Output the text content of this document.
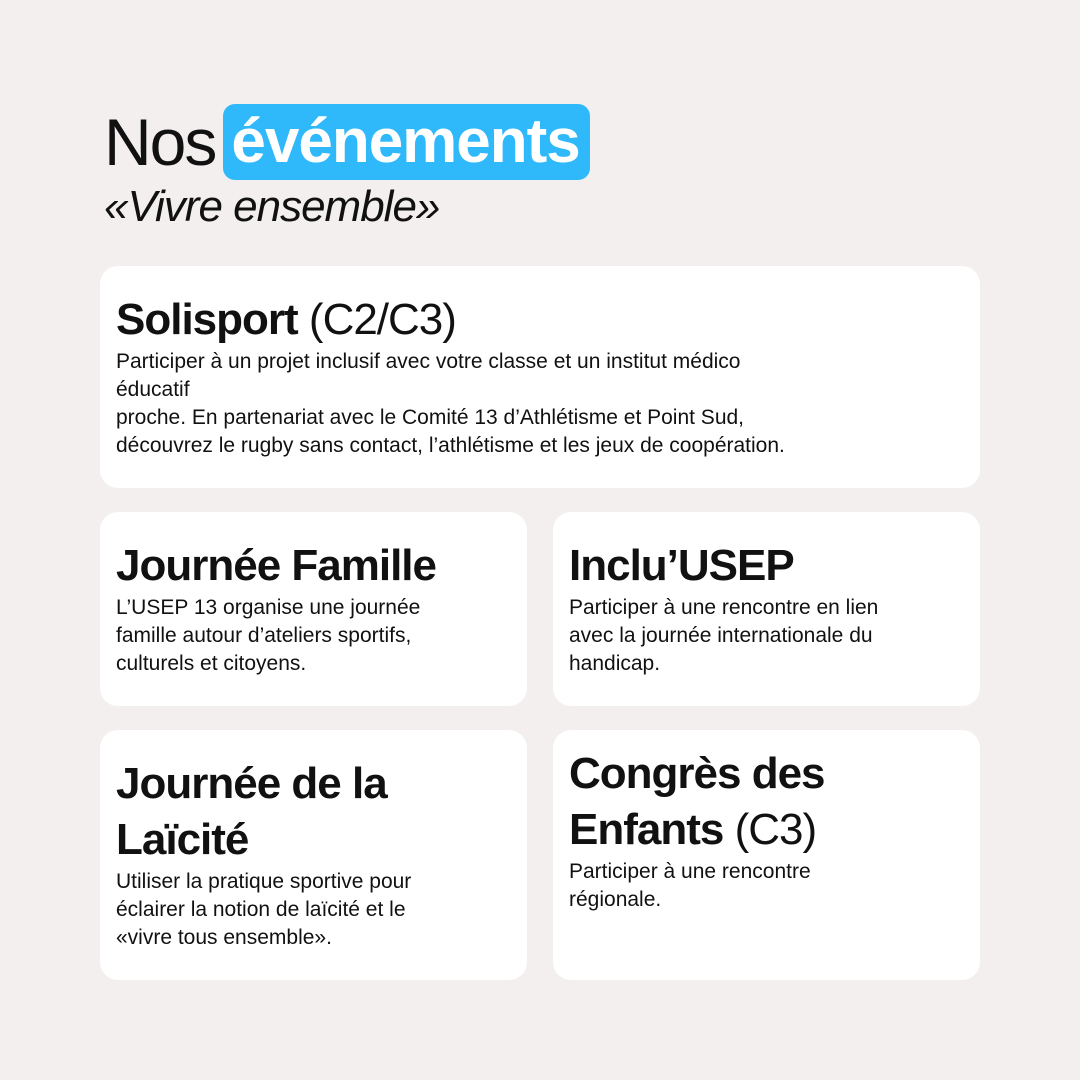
Nos événements
«Vivre ensemble»
Solisport (C2/C3)

Participer à un projet inclusif avec votre classe et un institut médico
éducatif
proche. En partenariat avec le Comité 13 d’Athlétisme et Point Sud,
découvrez le rugby sans contact, l’athlétisme et les jeux de coopération.

Journée Famille

L’USEP 13 organise une journée
famille autour d’ateliers sportifs,
culturels et citoyens.

Inclu’USEP

Participer à une rencontre en lien
avec la journée internationale du
handicap.

Journée de la
Laïcité

Utiliser la pratique sportive pour
éclairer la notion de laïcité et le
«vivre tous ensemble».

Congrès des
Enfants (C3)

Participer à une rencontre
régionale.
